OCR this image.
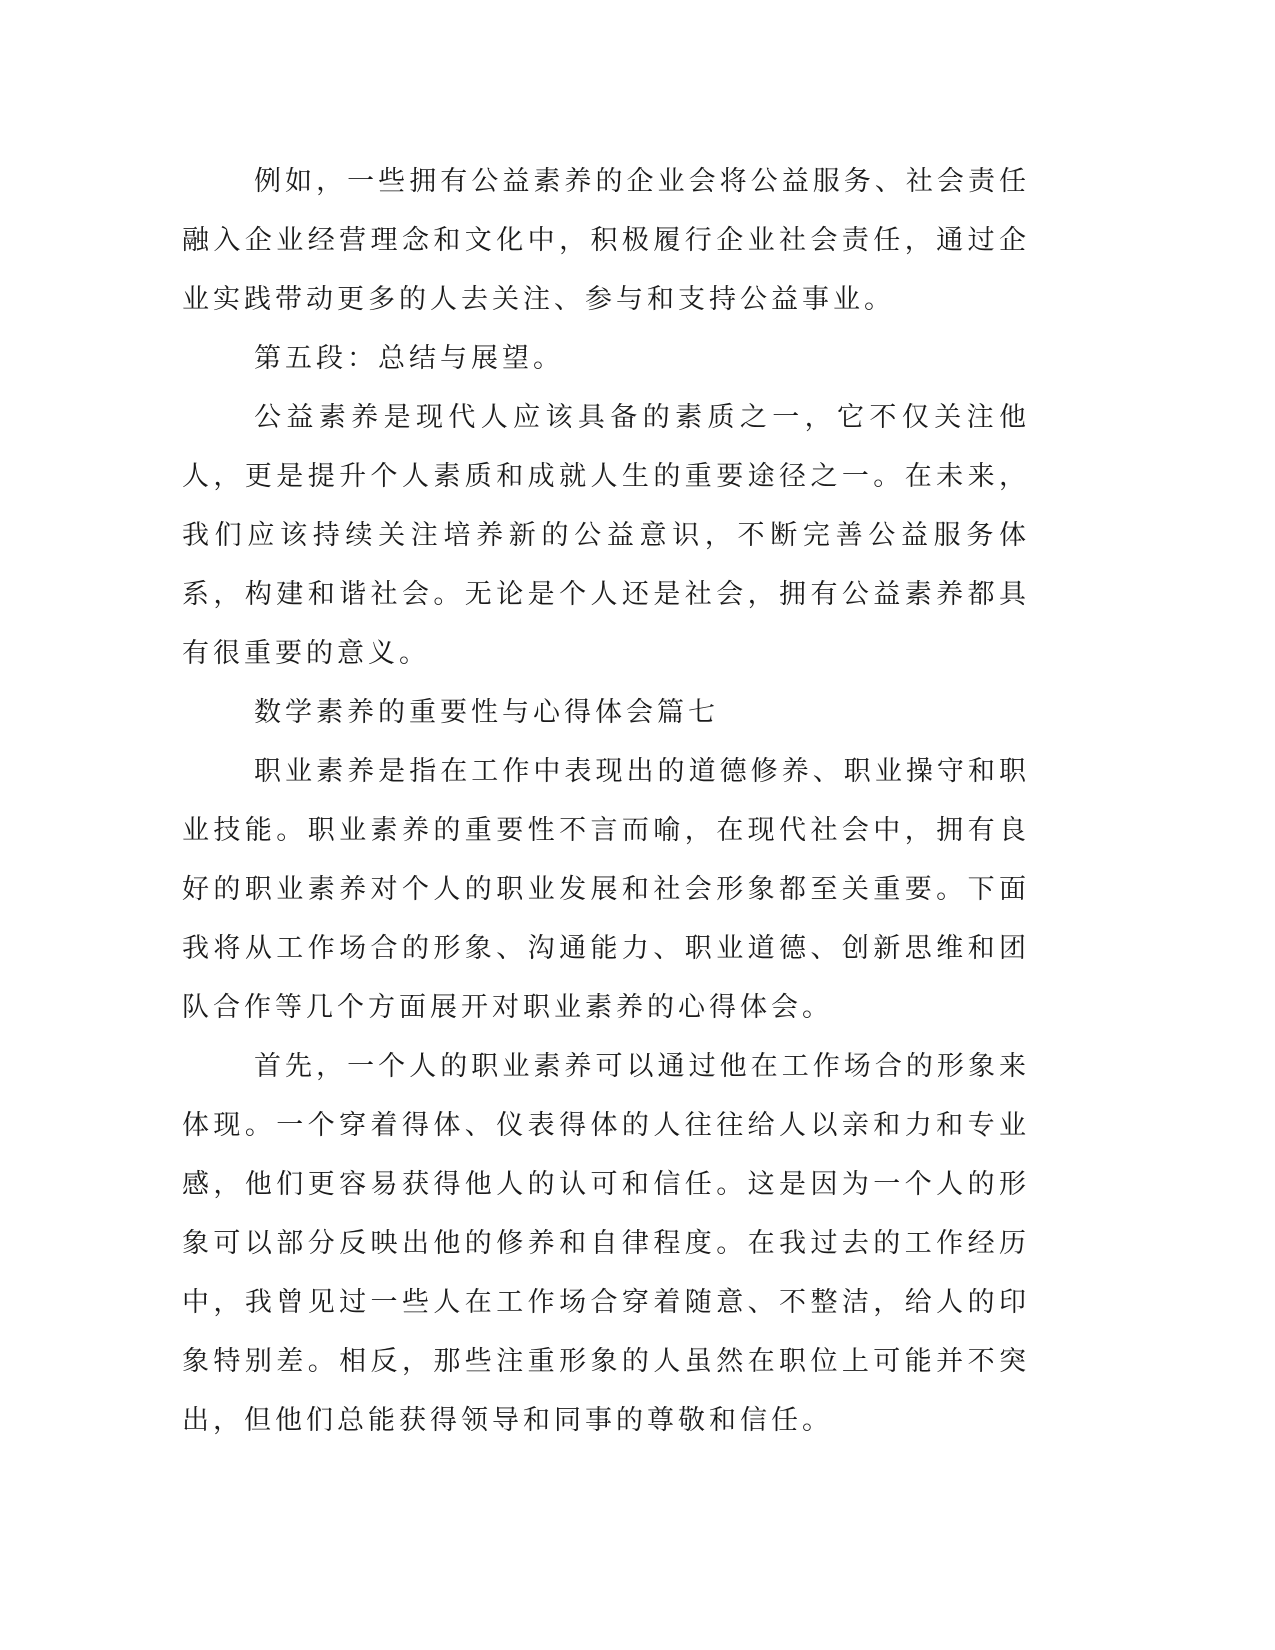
例如，一些拥有公益素养的企业会将公益服务、社会责任融入企业经营理念和文化中，积极履行企业社会责任，通过企业实践带动更多的人去关注、参与和支持公益事业。

第五段：总结与展望。

公益素养是现代人应该具备的素质之一，它不仅关注他人，更是提升个人素质和成就人生的重要途径之一。在未来，我们应该持续关注培养新的公益意识，不断完善公益服务体系，构建和谐社会。无论是个人还是社会，拥有公益素养都具有很重要的意义。

数学素养的重要性与心得体会篇七

职业素养是指在工作中表现出的道德修养、职业操守和职业技能。职业素养的重要性不言而喻，在现代社会中，拥有良好的职业素养对个人的职业发展和社会形象都至关重要。下面我将从工作场合的形象、沟通能力、职业道德、创新思维和团队合作等几个方面展开对职业素养的心得体会。

首先，一个人的职业素养可以通过他在工作场合的形象来体现。一个穿着得体、仪表得体的人往往给人以亲和力和专业感，他们更容易获得他人的认可和信任。这是因为一个人的形象可以部分反映出他的修养和自律程度。在我过去的工作经历中，我曾见过一些人在工作场合穿着随意、不整洁，给人的印象特别差。相反，那些注重形象的人虽然在职位上可能并不突出，但他们总能获得领导和同事的尊敬和信任。
